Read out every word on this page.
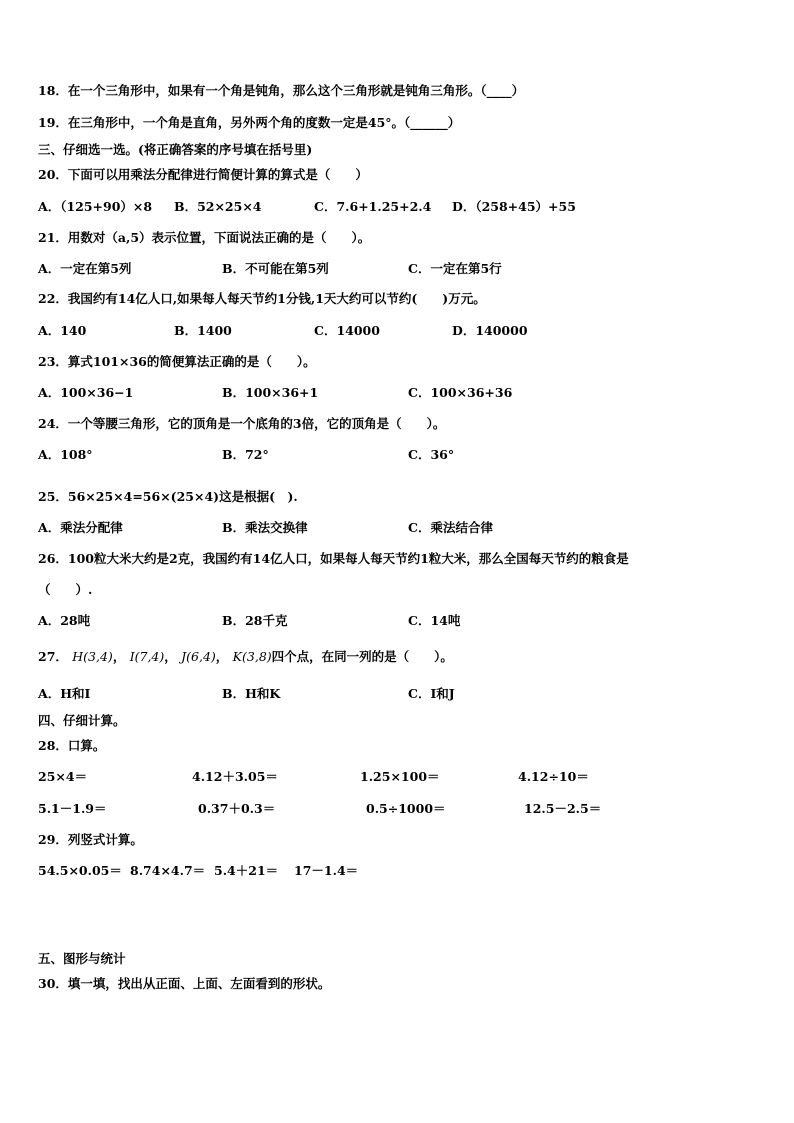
18．在一个三角形中，如果有一个角是钝角，那么这个三角形就是钝角三角形。（____）
19．在三角形中，一个角是直角，另外两个角的度数一定是45°。（______）
三、仔细选一选。(将正确答案的序号填在括号里)
20．下面可以用乘法分配律进行简便计算的算式是（　　）
A．（125+90）×8 B．52×25×4	C．7.6+1.25+2.4 D．（258+45）+55
21．用数对（a,5）表示位置，下面说法正确的是（　　）。
A．一定在第5列	B．不可能在第5列	C．一定在第5行
22．我国约有14亿人口,如果每人每天节约1分钱,1天大约可以节约(　　)万元。
A．140	B．1400	C．14000	D．140000
23．算式101×36的简便算法正确的是（　　）。
A．100×36−1	B．100×36+1	C．100×36+36
24．一个等腰三角形，它的顶角是一个底角的3倍，它的顶角是（　　）。
A．108°	B．72°	C．36°
25．56×25×4=56×(25×4)这是根据(　).
A．乘法分配律	B．乘法交换律	C．乘法结合律
26．100粒大米大约是2克，我国约有14亿人口，如果每人每天节约1粒大米，那么全国每天节约的粮食是
（　　）.
A．28吨	B．28千克	C．14吨
27． H(3,4)， I(7,4)， J(6,4)， K(3,8)四个点，在同一列的是（　　）。
A．H和I	B．H和K	C．I和J
四、仔细计算。
28．口算。
25×4＝	4.12＋3.05＝	1.25×100＝	4.12÷10＝
5.1－1.9＝	0.37＋0.3＝	0.5÷1000＝	12.5－2.5＝
29．列竖式计算。
54.5×0.05＝ 8.74×4.7＝ 5.4＋21＝ 17－1.4＝
五、图形与统计
30．填一填，找出从正面、上面、左面看到的形状。
